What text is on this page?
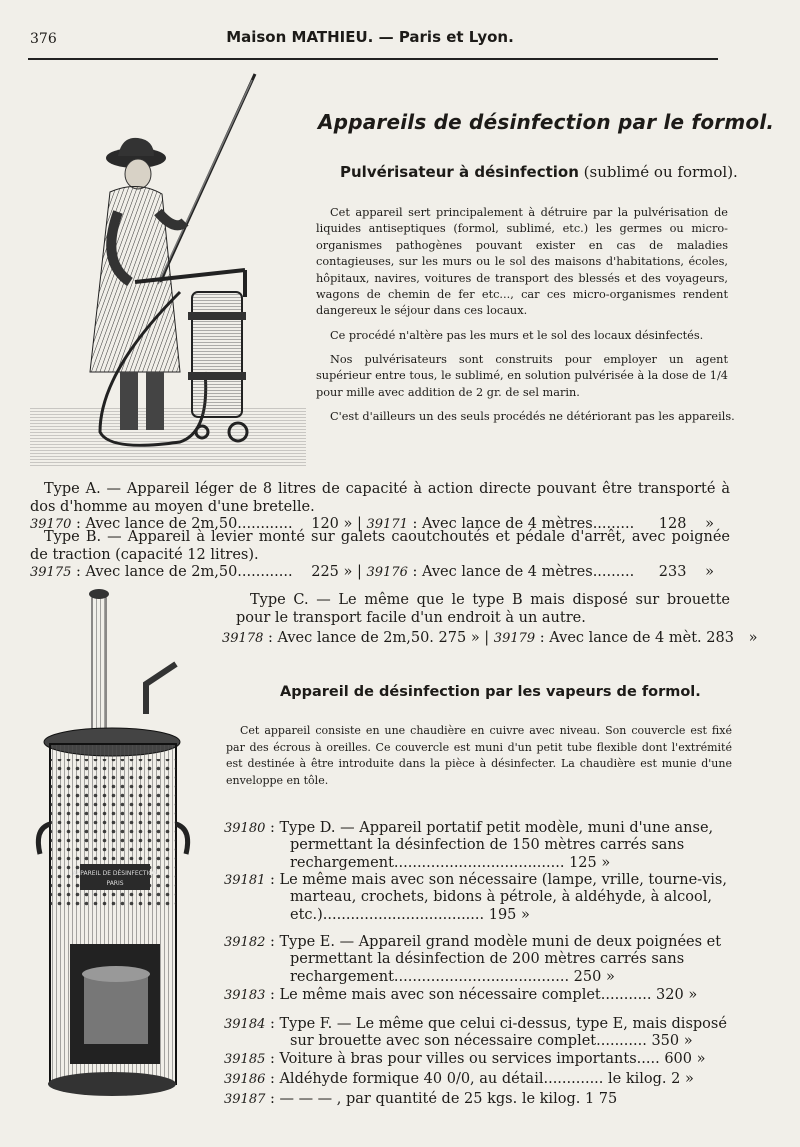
376	Maison MATHIEU. — Paris et Lyon.
Appareils de désinfection par le formol.
Pulvérisateur à désinfection (sublimé ou formol).
Cet appareil sert principalement à détruire par la pulvérisation de liquides antiseptiques (formol, sublimé, etc.) les germes ou micro-organismes pathogènes pouvant exister en cas de maladies contagieuses, sur les murs ou le sol des maisons d'habitations, écoles, hôpitaux, navires, voitures de transport des blessés et des voyageurs, wagons de chemin de fer etc..., car ces micro-organismes rendent dangereux le séjour dans ces locaux.
Ce procédé n'altère pas les murs et le sol des locaux désinfectés.
Nos pulvérisateurs sont construits pour employer un agent supérieur entre tous, le sublimé, en solution pulvérisée à la dose de 1/4 pour mille avec addition de 2 gr. de sel marin.
C'est d'ailleurs un des seuls procédés ne détériorant pas les appareils.
Type A. — Appareil léger de 8 litres de capacité à action directe pouvant être transporté à dos d'homme au moyen d'une bretelle.
39170 : Avec lance de 2m,50............ 120 » | 39171 : Avec lance de 4 mètres......... 128 »
Type B. — Appareil à levier monté sur galets caoutchoutés et pédale d'arrêt, avec poignée de traction (capacité 12 litres).
39175 : Avec lance de 2m,50............ 225 » | 39176 : Avec lance de 4 mètres......... 233 »
Type C. — Le même que le type B mais disposé sur brouette pour le transport facile d'un endroit à un autre.
39178 : Avec lance de 2m,50. 275 » | 39179 : Avec lance de 4 mèt. 283 »
APPAREIL DE DÉSINFECTION
PARIS
Appareil de désinfection par les vapeurs de formol.
Cet appareil consiste en une chaudière en cuivre avec niveau. Son couvercle est fixé par des écrous à oreilles. Ce couvercle est muni d'un petit tube flexible dont l'extrémité est destinée à être introduite dans la pièce à désinfecter. La chaudière est munie d'une enveloppe en tôle.
39180 : Type D. — Appareil portatif petit modèle, muni d'une anse, permettant la désinfection de 150 mètres carrés sans rechargement..................................... 125 »
39181 : Le même mais avec son nécessaire (lampe, vrille, tourne-vis, marteau, crochets, bidons à pétrole, à aldéhyde, à alcool, etc.)................................... 195 »
39182 : Type E. — Appareil grand modèle muni de deux poignées et permettant la désinfection de 200 mètres carrés sans rechargement...................................... 250 »
39183 : Le même mais avec son nécessaire complet........... 320 »
39184 : Type F. — Le même que celui ci-dessus, type E, mais disposé sur brouette avec son nécessaire complet........... 350 »
39185 : Voiture à bras pour villes ou services importants..... 600 »
39186 : Aldéhyde formique 40 0/0, au détail............. le kilog. 2 »
39187 : — — — , par quantité de 25 kgs. le kilog. 1 75
